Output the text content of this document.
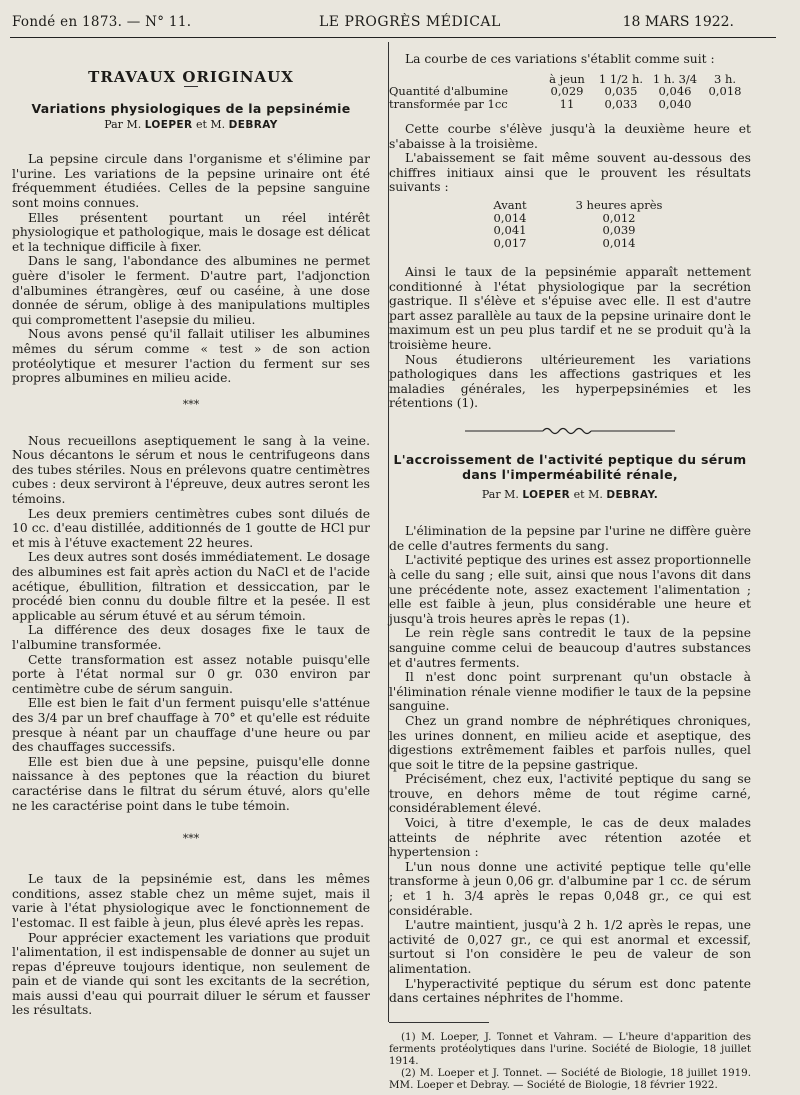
Fondé en 1873. — N° 11.	LE PROGRÈS MÉDICAL	18 MARS 1922.
TRAVAUX ORIGINAUX
Variations physiologiques de la pepsinémie
Par M. LOEPER et M. DEBRAY

La pepsine circule dans l'organisme et s'élimine par l'urine. Les variations de la pepsine urinaire ont été fréquemment étudiées. Celles de la pepsine sanguine sont moins connues.

Elles présentent pourtant un réel intérêt physiologique et pathologique, mais le dosage est délicat et la technique difficile à fixer.

Dans le sang, l'abondance des albumines ne permet guère d'isoler le ferment. D'autre part, l'adjonction d'albumines étrangères, œuf ou caséine, à une dose donnée de sérum, oblige à des manipulations multiples qui compromettent l'asepsie du milieu.

Nous avons pensé qu'il fallait utiliser les albumines mêmes du sérum comme « test » de son action protéolytique et mesurer l'action du ferment sur ses propres albumines en milieu acide.

***

Nous recueillons aseptiquement le sang à la veine. Nous décantons le sérum et nous le centrifugeons dans des tubes stériles. Nous en prélevons quatre centimètres cubes : deux serviront à l'épreuve, deux autres seront les témoins.

Les deux premiers centimètres cubes sont dilués de 10 cc. d'eau distillée, additionnés de 1 goutte de HCl pur et mis à l'étuve exactement 22 heures.

Les deux autres sont dosés immédiatement. Le dosage des albumines est fait après action du NaCl et de l'acide acétique, ébullition, filtration et dessiccation, par le procédé bien connu du double filtre et la pesée. Il est applicable au sérum étuvé et au sérum témoin.

La différence des deux dosages fixe le taux de l'albumine transformée.

Cette transformation est assez notable puisqu'elle porte à l'état normal sur 0 gr. 030 environ par centimètre cube de sérum sanguin.

Elle est bien le fait d'un ferment puisqu'elle s'atténue des 3/4 par un bref chauffage à 70° et qu'elle est réduite presque à néant par un chauffage d'une heure ou par des chauffages successifs.

Elle est bien due à une pepsine, puisqu'elle donne naissance à des peptones que la réaction du biuret caractérise dans le filtrat du sérum étuvé, alors qu'elle ne les caractérise point dans le tube témoin.

***

Le taux de la pepsinémie est, dans les mêmes conditions, assez stable chez un même sujet, mais il varie à l'état physiologique avec le fonctionnement de l'estomac. Il est faible à jeun, plus élevé après les repas.

Pour apprécier exactement les variations que produit l'alimentation, il est indispensable de donner au sujet un repas d'épreuve toujours identique, non seulement de pain et de viande qui sont les excitants de la secrétion, mais aussi d'eau qui pourrait diluer le sérum et fausser les résultats.

La courbe de ces variations s'établit comme suit :

	à jeun	1 1/2 h.	1 h. 3/4	3 h.
Quantité d'albumine	0,029	0,035	0,046	0,018
transformée par 1cc	11	0,033	0,040	

Cette courbe s'élève jusqu'à la deuxième heure et s'abaisse à la troisième.

L'abaissement se fait même souvent au-dessous des chiffres initiaux ainsi que le prouvent les résultats suivants :

Avant	3 heures après
0,014	0,012
0,041	0,039
0,017	0,014

Ainsi le taux de la pepsinémie apparaît nettement conditionné à l'état physiologique par la secrétion gastrique. Il s'élève et s'épuise avec elle. Il est d'autre part assez parallèle au taux de la pepsine urinaire dont le maximum est un peu plus tardif et ne se produit qu'à la troisième heure.

Nous étudierons ultérieurement les variations pathologiques dans les affections gastriques et les maladies générales, les hyperpepsinémies et les rétentions (1).

L'accroissement de l'activité peptique du sérum
dans l'imperméabilité rénale,
Par M. LOEPER et M. DEBRAY.

L'élimination de la pepsine par l'urine ne diffère guère de celle d'autres ferments du sang.

L'activité peptique des urines est assez proportionnelle à celle du sang ; elle suit, ainsi que nous l'avons dit dans une précédente note, assez exactement l'alimentation ; elle est faible à jeun, plus considérable une heure et jusqu'à trois heures après le repas (1).

Le rein règle sans contredit le taux de la pepsine sanguine comme celui de beaucoup d'autres substances et d'autres ferments.

Il n'est donc point surprenant qu'un obstacle à l'élimination rénale vienne modifier le taux de la pepsine sanguine.

Chez un grand nombre de néphrétiques chroniques, les urines donnent, en milieu acide et aseptique, des digestions extrêmement faibles et parfois nulles, quel que soit le titre de la pepsine gastrique.

Précisément, chez eux, l'activité peptique du sang se trouve, en dehors même de tout régime carné, considérablement élevé.

Voici, à titre d'exemple, le cas de deux malades atteints de néphrite avec rétention azotée et hypertension :

L'un nous donne une activité peptique telle qu'elle transforme à jeun 0,06 gr. d'albumine par 1 cc. de sérum ; et 1 h. 3/4 après le repas 0,048 gr., ce qui est considérable.

L'autre maintient, jusqu'à 2 h. 1/2 après le repas, une activité de 0,027 gr., ce qui est anormal et excessif, surtout si l'on considère le peu de valeur de son alimentation.

L'hyperactivité peptique du sérum est donc patente dans certaines néphrites de l'homme.

(1) M. Loeper, J. Tonnet et Vahram. — L'heure d'apparition des ferments protéolytiques dans l'urine. Société de Biologie, 18 juillet 1914.

(2) M. Loeper et J. Tonnet. — Société de Biologie, 18 juillet 1919. MM. Loeper et Debray. — Société de Biologie, 18 février 1922.
